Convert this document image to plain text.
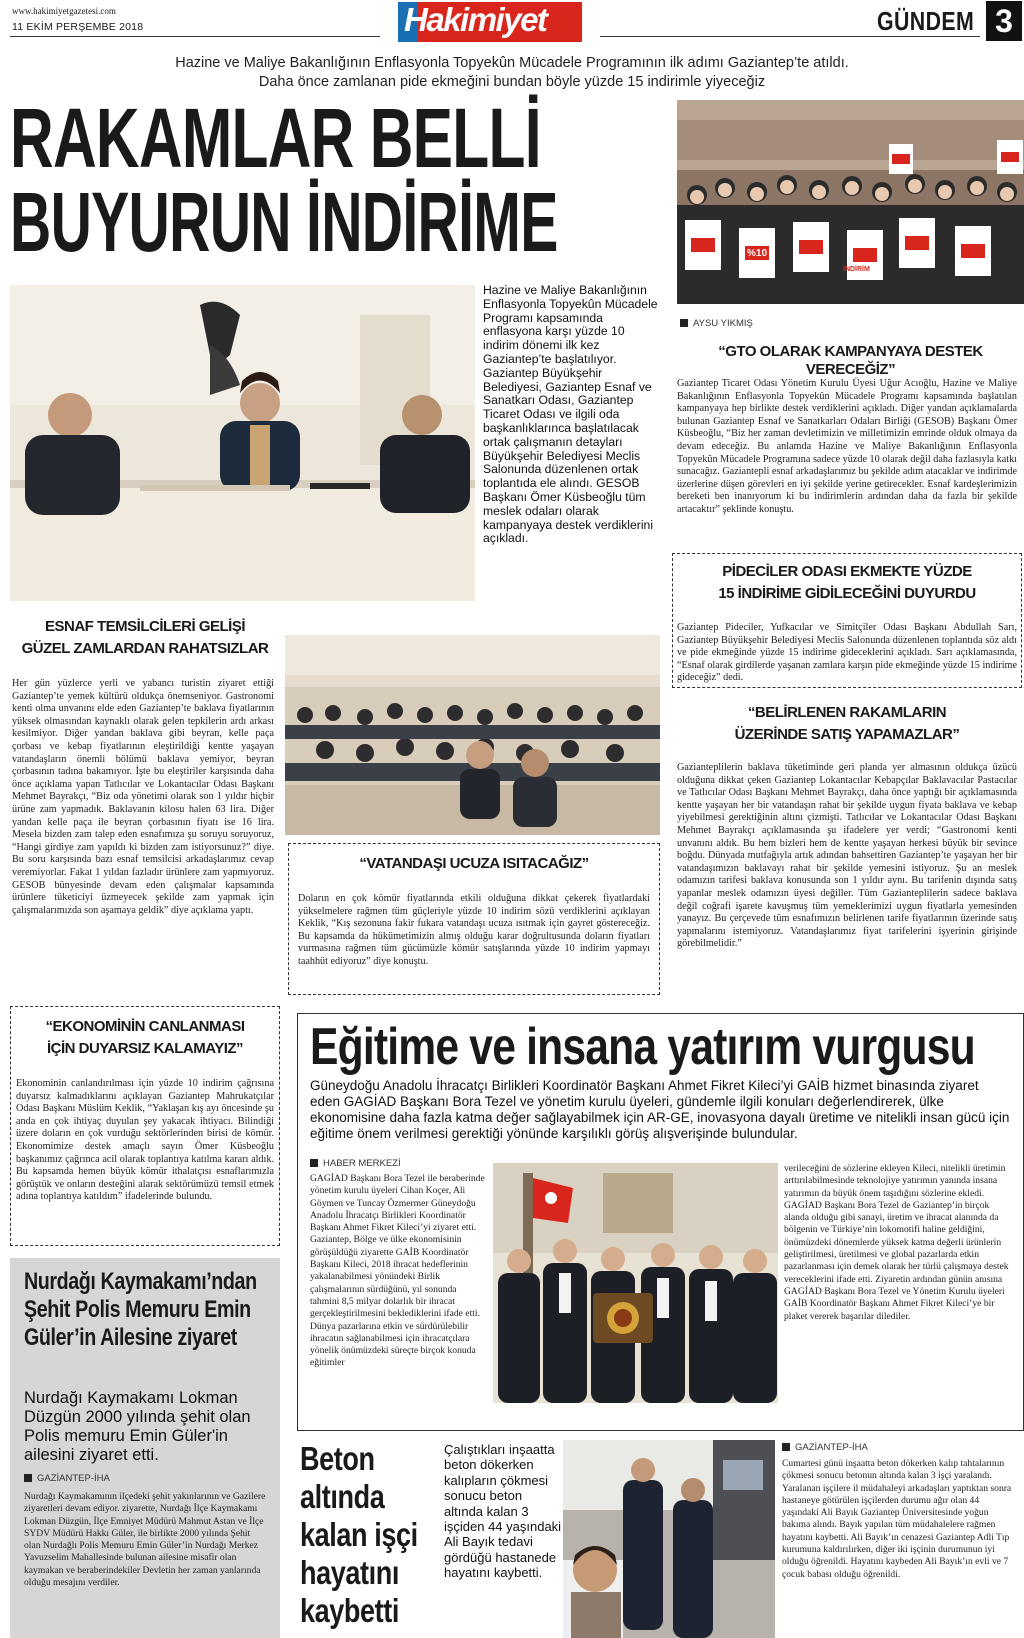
www.hakimiyetgazetesi.com
11 EKİM PERŞEMBE 2018	Hakimiyet	GÜNDEM 3
Hazine ve Maliye Bakanlığının Enflasyonla Topyekûn Mücadele Programının ilk adımı Gaziantep’te atıldı.
Daha önce zamlanan pide ekmeğini bundan böyle yüzde 15 indirimle yiyeceğiz
RAKAMLAR BELLİ
BUYURUN İNDİRİME	%10
İNDİRİM
Hazine ve Maliye Bakanlığının Enflasyonla Topyekûn Mücadele Programı kapsamında enflasyona karşı yüzde 10 indirim dönemi ilk kez Gaziantep’te başlatılıyor. Gaziantep Büyükşehir Belediyesi, Gaziantep Esnaf ve Sanatkarı Odası, Gaziantep Ticaret Odası ve ilgili oda başkanlıklarınca başlatılacak ortak çalışmanın detayları Büyükşehir Belediyesi Meclis Salonunda düzenlenen ortak toplantıda ele alındı. GESOB Başkanı Ömer Küsbeoğlu tüm meslek odaları olarak kampanyaya destek verdiklerini açıkladı.
ESNAF TEMSİLCİLERİ GELİŞİ
GÜZEL ZAMLARDAN RAHATSIZLAR
Her gün yüzlerce yerli ve yabancı turistin ziyaret ettiği Gaziantep’te yemek kültürü oldukça önemseniyor. Gastronomi kenti olma unvanını elde eden Gaziantep’te baklava fiyatlarının yüksek olmasından kaynaklı olarak gelen tepkilerin ardı arkası kesilmiyor. Diğer yandan baklava gibi beyran, kelle paça çorbası ve kebap fiyatlarının eleştirildiği kentte yaşayan vatandaşların önemli bölümü baklava yemiyor, beyran çorbasının tadına bakamıyor. İşte bu eleştiriler karşısında daha önce açıklama yapan Tatlıcılar ve Lokantacılar Odası Başkanı Mehmet Bayrakçı, “Biz oda yönetimi olarak son 1 yıldır hiçbir ürüne zam yapmadık. Baklavanın kilosu halen 63 lira. Diğer yandan kelle paça ile beyran çorbasının fiyatı ise 16 lira. Mesela bizden zam talep eden esnafımıza şu soruyu soruyoruz, “Hangi girdiye zam yapıldı ki bizden zam istiyorsunuz?” diye. Bu soru karşısında bazı esnaf temsilcisi arkadaşlarımız cevap veremiyorlar. Fakat 1 yıldan fazladır ürünlere zam yapmıyoruz. GESOB bünyesinde devam eden çalışmalar kapsamında ürünlere tüketiciyi üzmeyecek şekilde zam yapmak için çalışmalarımızda son aşamaya geldik” diye açıklama yaptı.
“VATANDAŞI UCUZA ISITACAĞIZ”
Doların en çok kömür fiyatlarında etkili olduğuna dikkat çekerek fiyatlardaki yükselmelere rağmen tüm güçleriyle yüzde 10 indirim sözü verdiklerini açıklayan Keklik, “Kış sezonuna fakir fukara vatandaşı ucuza ısıtmak için gayret göstereceğiz. Bu kapsamda da hükümetimizin almış olduğu karar doğrultusunda doların fiyatları vurmasına rağmen tüm gücümüzle kömür satışlarında yüzde 10 indirim yapmayı taahhüt ediyoruz” diye konuştu.
AYSU YIKMIŞ
“GTO OLARAK KAMPANYAYA DESTEK VERECEĞİZ”
Gaziantep Ticaret Odası Yönetim Kurulu Üyesi Uğur Acıoğlu, Hazine ve Maliye Bakanlığının Enflasyonla Topyekûn Mücadele Programı kapsamında başlatılan kampanyaya hep birlikte destek verdiklerini açıkladı. Diğer yandan açıklamalarda bulunan Gaziantep Esnaf ve Sanatkarları Odaları Birliği (GESOB) Başkanı Ömer Küsbeoğlu, “Biz her zaman devletimizin ve milletimizin emrinde olduk olmaya da devam edeceğiz. Bu anlamda Hazine ve Maliye Bakanlığının Enflasyonla Topyekûn Mücadele Programına sadece yüzde 10 olarak değil daha fazlasıyla katkı sunacağız. Gaziantepli esnaf arkadaşlarımız bu şekilde adım atacaklar ve indirimde üzerlerine düşen görevleri en iyi şekilde yerine getirecekler. Esnaf kardeşlerimizin bereketi ben inanıyorum ki bu indirimlerin ardından daha da fazla bir şekilde artacaktır” şeklinde konuştu.
PİDECİLER ODASI EKMEKTE YÜZDE
15 İNDİRİME GİDİLECEĞİNİ DUYURDU
Gaziantep Pideciler, Yufkacılar ve Simitçiler Odası Başkanı Abdullah Sarı, Gaziantep Büyükşehir Belediyesi Meclis Salonunda düzenlenen toplantıda söz aldı ve pide ekmeğinde yüzde 15 indirime gideceklerini açıkladı. Sarı açıklamasında, “Esnaf olarak girdilerde yaşanan zamlara karşın pide ekmeğinde yüzde 15 indirime gideceğiz” dedi.
“BELİRLENEN RAKAMLARIN
ÜZERİNDE SATIŞ YAPAMAZLAR”
Gazianteplilerin baklava tüketiminde geri planda yer almasının oldukça üzücü olduğuna dikkat çeken Gaziantep Lokantacılar Kebapçılar Baklavacılar Pastacılar ve Tatlıcılar Odası Başkanı Mehmet Bayrakçı, daha önce yaptığı bir açıklamasında kentte yaşayan her bir vatandaşın rahat bir şekilde uygun fiyata baklava ve kebap yiyebilmesi gerektiğinin altını çizmişti. Tatlıcılar ve Lokantacılar Odası Başkanı Mehmet Bayrakçı açıklamasında şu ifadelere yer verdi; “Gastronomi kenti unvanını aldık. Bu hem bizleri hem de kentte yaşayan herkesi büyük bir sevince boğdu. Dünyada mutfağıyla artık adından bahsettiren Gaziantep’te yaşayan her bir vatandaşımızın baklavayı rahat bir şekilde yemesini istiyoruz. Şu an meslek odamızın tarifesi baklava konusunda son 1 yıldır aynı. Bu tarifenin dışında satış yapanlar meslek odamızın üyesi değiller. Tüm Gazianteplilerin sadece baklava değil coğrafi işarete kavuşmuş tüm yemeklerimizi uygun fiyatlarla yemesinden yanayız. Bu çerçevede tüm esnafımızın belirlenen tarife fiyatlarının üzerinde satış yapmalarını istemiyoruz. Vatandaşlarımız fiyat tarifelerini işyerinin girişinde görebilmelidir.”
“EKONOMİNİN CANLANMASI
İÇİN DUYARSIZ KALAMAYIZ”
Ekonominin canlandırılması için yüzde 10 indirim çağrısına duyarsız kalmadıklarını açıklayan Gaziantep Mahrukatçılar Odası Başkanı Müslüm Keklik, “Yaklaşan kış ayı öncesinde şu anda en çok ihtiyaç duyulan şey yakacak ihtiyacı. Bilindiği üzere doların en çok vurduğu sektörlerinden birisi de kömür. Ekonomimize destek amaçlı sayın Ömer Küsbeoğlu başkanımız çağrınca acil olarak toplantıya katılma kararı aldık. Bu kapsamda hemen büyük kömür ithalatçısı esnaflarımızla görüştük ve onların desteğini alarak sektörümüzü temsil etmek adına toplantıya katıldım” ifadelerinde bulundu.
Eğitime ve insana yatırım vurgusu
Güneydoğu Anadolu İhracatçı Birlikleri Koordinatör Başkanı Ahmet Fikret Kileci’yi GAİB hizmet binasında ziyaret eden GAGİAD Başkanı Bora Tezel ve yönetim kurulu üyeleri, gündemle ilgili konuları değerlendirerek, ülke ekonomisine daha fazla katma değer sağlayabilmek için AR-GE, inovasyona dayalı üretime ve nitelikli insan gücü için eğitime önem verilmesi gerektiği yönünde karşılıklı görüş alışverişinde bulundular.
HABER MERKEZİ
GAGİAD Başkanı Bora Tezel ile beraberinde yönetim kurulu üyeleri Cihan Koçer, Ali Göymen ve Tuncay Özmermer Güneydoğu Anadolu İhracatçı Birlikleri Koordinatör Başkanı Ahmet Fikret Kileci’yi ziyaret etti. Gaziantep, Bölge ve ülke ekonomisinin görüşüldüğü ziyarette GAİB Koordinatör Başkanı Kileci, 2018 ihracat hedeflerinin yakalanabilmesi yönündeki Birlik çalışmalarının sürdüğünü, yıl sonunda tahmini 8,5 milyar dolarlık bir ihracat gerçekleştirilmesini beklediklerini ifade etti. Dünya pazarlarına etkin ve sürdürülebilir ihracatın sağlanabilmesi için ihracatçılara yönelik önümüzdeki süreçte birçok konuda eğitimler
verileceğini de sözlerine ekleyen Kileci, nitelikli üretimin arttırılabilmesinde teknolojiye yatırımın yanında insana yatırımın da büyük önem taşıdığını sözlerine ekledi. GAGİAD Başkanı Bora Tezel de Gaziantep’in birçok alanda olduğu gibi sanayi, üretim ve ihracat alanında da bölgenin ve Türkiye’nin lokomotifi haline geldiğini, önümüzdeki dönemlerde yüksek katma değerli ürünlerin geliştirilmesi, üretilmesi ve global pazarlarda etkin pazarlanması için demek olarak her türlü çalışmaya destek vereceklerini ifade etti. Ziyaretin ardından günün anısına GAGİAD Başkanı Bora Tezel ve Yönetim Kurulu üyeleri GAİB Koordinatör Başkanı Ahmet Fikret Kileci’ye bir plaket vererek başarılar dilediler.
Nurdağı Kaymakamı’ndan Şehit Polis Memuru Emin Güler’in Ailesine ziyaret
Nurdağı Kaymakamı Lokman Düzgün 2000 yılında şehit olan Polis memuru Emin Güler'in ailesini ziyaret etti.
GAZİANTEP-İHA
Nurdağı Kaymakamının ilçedeki şehit yakınlarının ve Gazilere ziyaretleri devam ediyor. ziyarette, Nurdağı İlçe Kaymakamı Lokman Düzgün, İlçe Emniyet Müdürü Mahmut Astan ve İlçe SYDV Müdürü Hakkı Güler, ile birlikte 2000 yılında Şehit olan Nurdağlı Polis Memuru Emin Güler’in Nurdağı Merkez Yavuzselim Mahallesinde bulunan ailesine misafir olan kaymakan ve beraberindekiler Devletin her zaman yanlarında olduğu mesajını verdiler.
Beton altında kalan işçi hayatını kaybetti
Çalıştıkları inşaatta beton dökerken kalıpların çökmesi sonucu beton altında kalan 3 işçiden 44 yaşındaki Ali Bayık tedavi gördüğü hastanede hayatını kaybetti.
GAZİANTEP-İHA
Cumartesi günü inşaatta beton dökerken kalıp tahtalarının çökmesi sonucu betonun altında kalan 3 işçi yaralandı. Yaralanan işçilere il müdahaleyi arkadaşları yaptıktan sonra hastaneye götürülen işçilerden durumu ağır olan 44 yaşındaki Ali Bayık Gaziantep Üniversitesinde yoğun bakıma alındı. Bayık yapılan tüm müdahalelere rağmen hayatını kaybetti. Ali Bayık’ın cenazesi Gaziantep Adli Tıp kurumuna kaldırılırken, diğer iki işçinin durumunun iyi olduğu öğrenildi. Hayatını kaybeden Ali Bayık’ın evli ve 7 çocuk babası olduğu öğrenildi.
